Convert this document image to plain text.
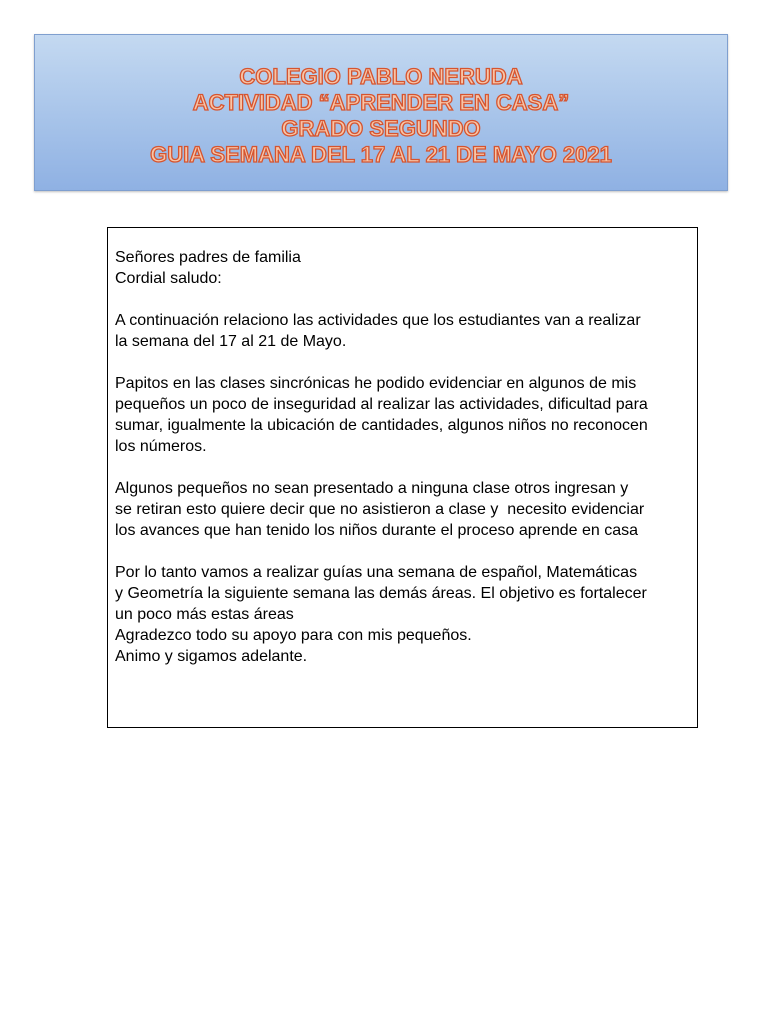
COLEGIO PABLO NERUDA
ACTIVIDAD “APRENDER EN CASA”
GRADO SEGUNDO
GUIA SEMANA DEL 17 AL 21 DE MAYO 2021
Señores padres de familia
Cordial saludo:
A continuación relaciono las actividades que los estudiantes van a realizar
la semana del 17 al 21 de Mayo.
Papitos en las clases sincrónicas he podido evidenciar en algunos de mis
pequeños un poco de inseguridad al realizar las actividades, dificultad para
sumar, igualmente la ubicación de cantidades, algunos niños no reconocen
los números.
Algunos pequeños no sean presentado a ninguna clase otros ingresan y
se retiran esto quiere decir que no asistieron a clase y  necesito evidenciar
los avances que han tenido los niños durante el proceso aprende en casa
Por lo tanto vamos a realizar guías una semana de español, Matemáticas
y Geometría la siguiente semana las demás áreas. El objetivo es fortalecer
un poco más estas áreas
Agradezco todo su apoyo para con mis pequeños.
Animo y sigamos adelante.
